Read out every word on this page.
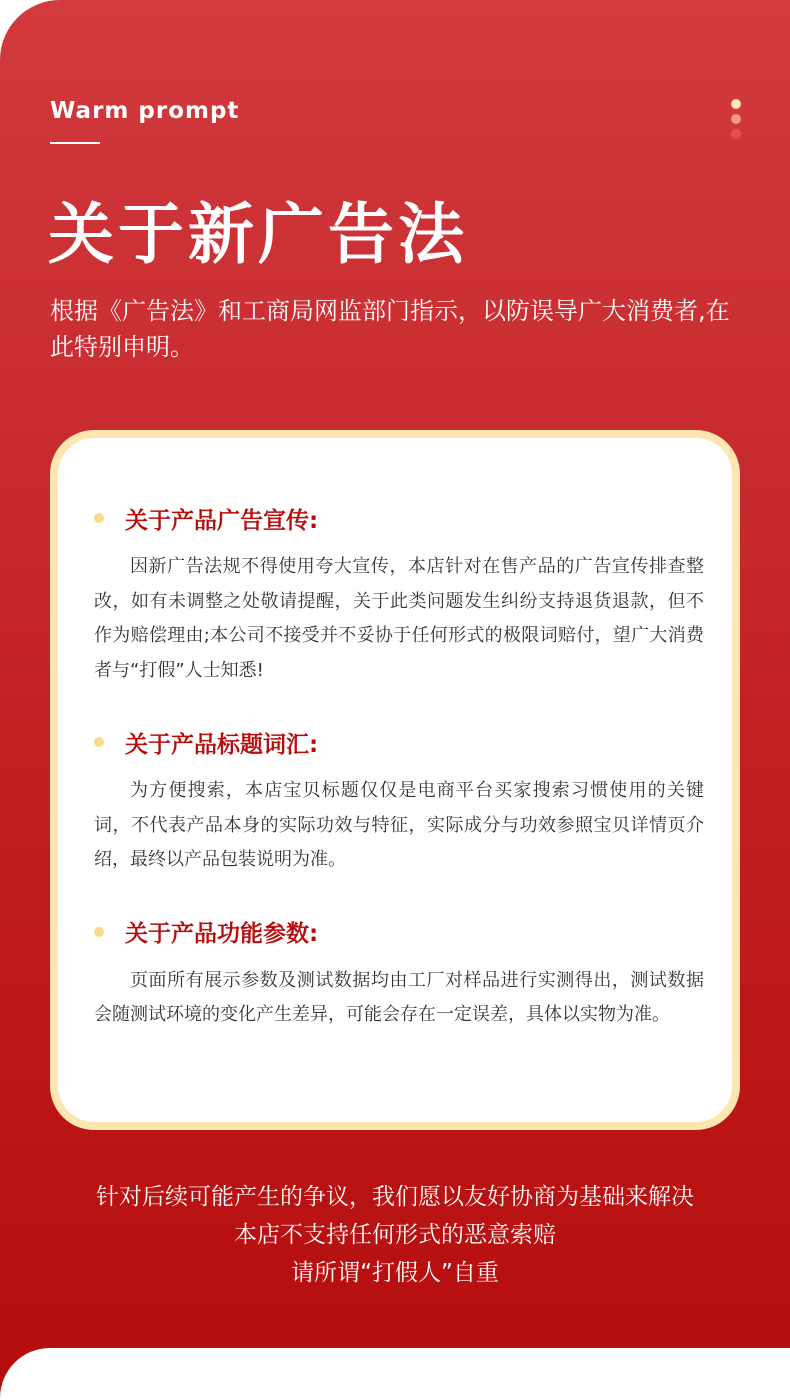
Warm prompt
关于新广告法

根据《广告法》和工商局网监部门指示，以防误导广大消费者,在此特别申明。

关于产品广告宣传:

因新广告法规不得使用夸大宣传，本店针对在售产品的广告宣传排查整改，如有未调整之处敬请提醒，关于此类问题发生纠纷支持退货退款，但不作为赔偿理由;本公司不接受并不妥协于任何形式的极限词赔付，望广大消费者与“打假”人士知悉!

关于产品标题词汇:

为方便搜索，本店宝贝标题仅仅是电商平台买家搜索习惯使用的关键词，不代表产品本身的实际功效与特征，实际成分与功效参照宝贝详情页介绍，最终以产品包装说明为准。

关于产品功能参数:

页面所有展示参数及测试数据均由工厂对样品进行实测得出，测试数据会随测试环境的变化产生差异，可能会存在一定误差，具体以实物为准。

针对后续可能产生的争议，我们愿以友好协商为基础来解决
本店不支持任何形式的恶意索赔
请所谓“打假人”自重
